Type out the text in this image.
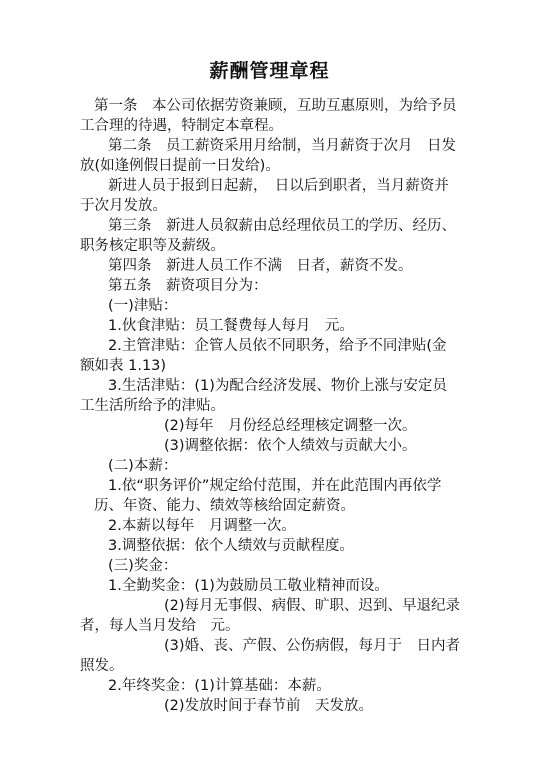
薪酬管理章程
第一条　本公司依据劳资兼顾，互助互惠原则，为给予员
工合理的待遇，特制定本章程。
第二条　员工薪资采用月给制，当月薪资于次月　日发
放(如逢例假日提前一日发给)。
新进人员于报到日起薪，　日以后到职者，当月薪资并
于次月发放。
第三条　新进人员叙薪由总经理依员工的学历、经历、
职务核定职等及薪级。
第四条　新进人员工作不满　日者，薪资不发。
第五条　薪资项目分为：
(一)津贴：
1.伙食津贴：员工餐费每人每月　元。
2.主管津贴：企管人员依不同职务，给予不同津贴(金
额如表 1.13)
3.生活津贴：(1)为配合经济发展、物价上涨与安定员
工生活所给予的津贴。
(2)每年　月份经总经理核定调整一次。
(3)调整依据：依个人绩效与贡献大小。
(二)本薪：
1.依“职务评价”规定给付范围，并在此范围内再依学
历、年资、能力、绩效等核给固定薪资。
2.本薪以每年　月调整一次。
3.调整依据：依个人绩效与贡献程度。
(三)奖金：
1.全勤奖金：(1)为鼓励员工敬业精神而设。
(2)每月无事假、病假、旷职、迟到、早退纪录
者，每人当月发给　元。
(3)婚、丧、产假、公伤病假，每月于　日内者
照发。
2.年终奖金：(1)计算基础：本薪。
(2)发放时间于春节前　天发放。
